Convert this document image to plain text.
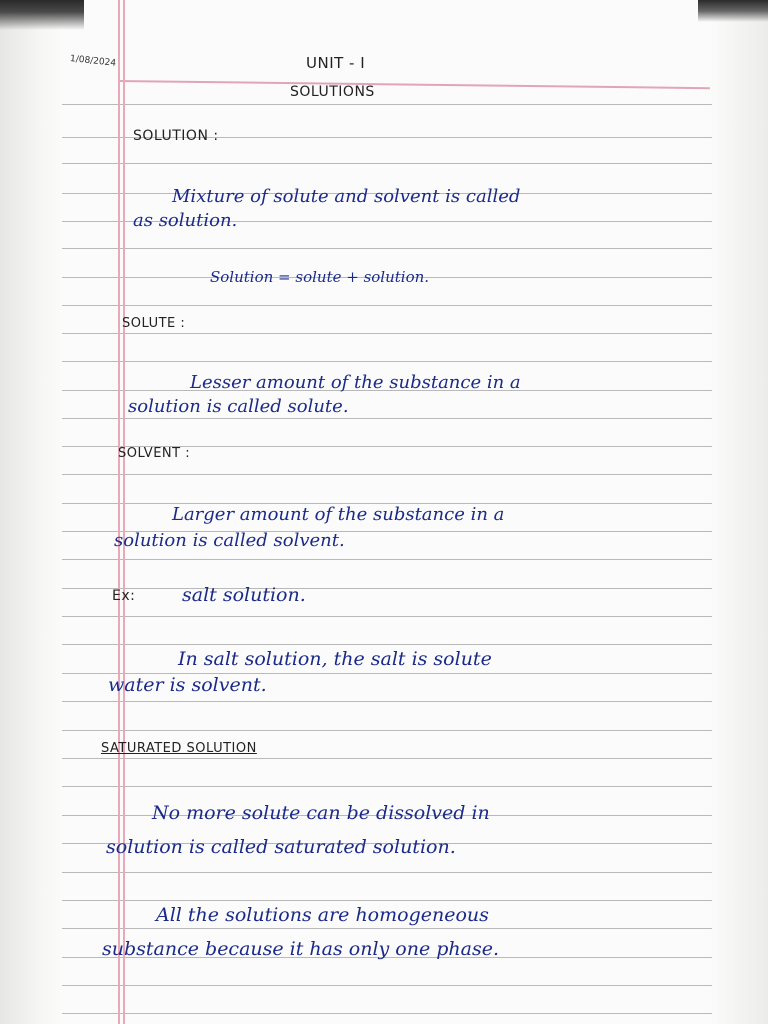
1/08/2024	UNIT - I
SOLUTIONS
SOLUTION :
Mixture of solute and solvent is called
as solution.
Solution = solute + solution.
SOLUTE :
Lesser amount of the substance in a
solution is called solute.
SOLVENT :
Larger amount of the substance in a
solution is called solvent.
Ex: salt solution.
In salt solution, the salt is solute
water is solvent.
SATURATED SOLUTION
No more solute can be dissolved in
solution is called saturated solution.
All the solutions are homogeneous
substance because it has only one phase.
